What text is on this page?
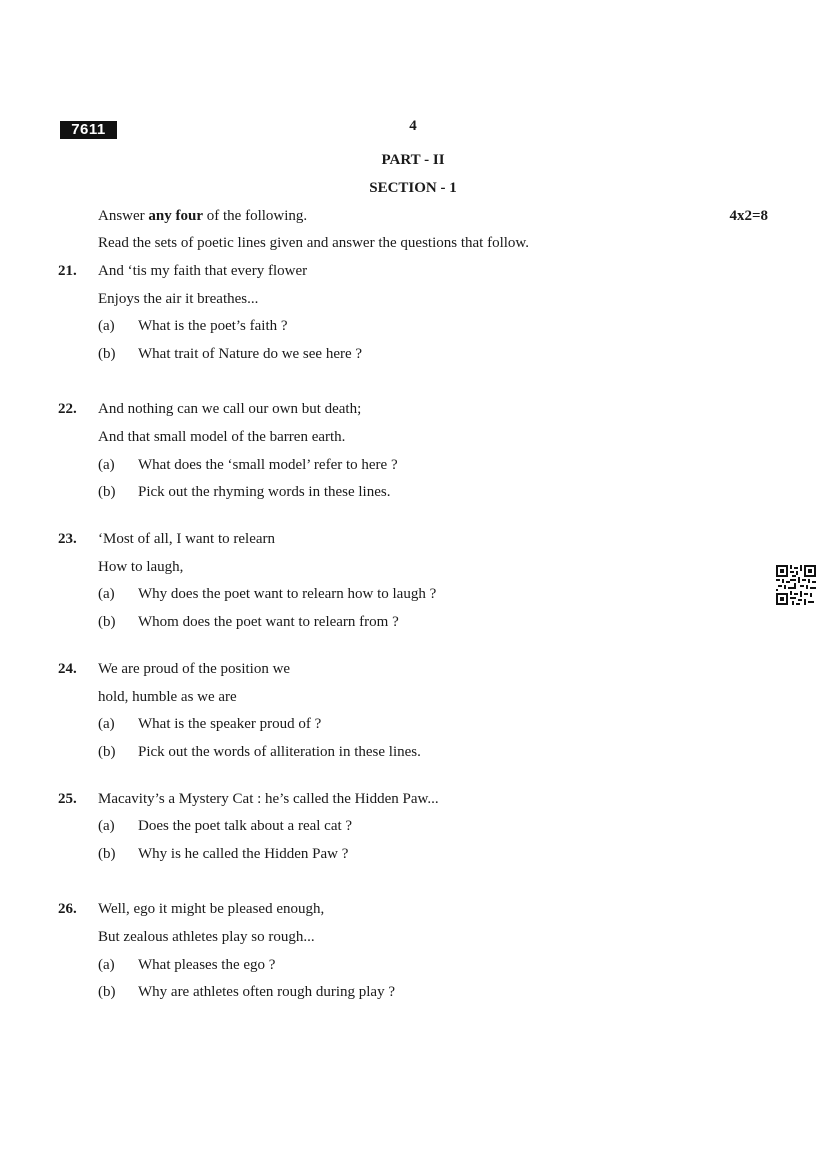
7611	4
PART - II
SECTION - 1
Answer any four of the following.	4x2=8
Read the sets of poetic lines given and answer the questions that follow.
21. And ‘tis my faith that every flower
Enjoys the air it breathes...
(a) What is the poet’s faith ?
(b) What trait of Nature do we see here ?
22. And nothing can we call our own but death;
And that small model of the barren earth.
(a) What does the ‘small model’ refer to here ?
(b) Pick out the rhyming words in these lines.
23. ‘Most of all, I want to relearn
How to laugh,
(a) Why does the poet want to relearn how to laugh ?
(b) Whom does the poet want to relearn from ?
24. We are proud of the position we
hold, humble as we are
(a) What is the speaker proud of ?
(b) Pick out the words of alliteration in these lines.
25. Macavity’s a Mystery Cat : he’s called the Hidden Paw...
(a) Does the poet talk about a real cat ?
(b) Why is he called the Hidden Paw ?
26. Well, ego it might be pleased enough,
But zealous athletes play so rough...
(a) What pleases the ego ?
(b) Why are athletes often rough during play ?
